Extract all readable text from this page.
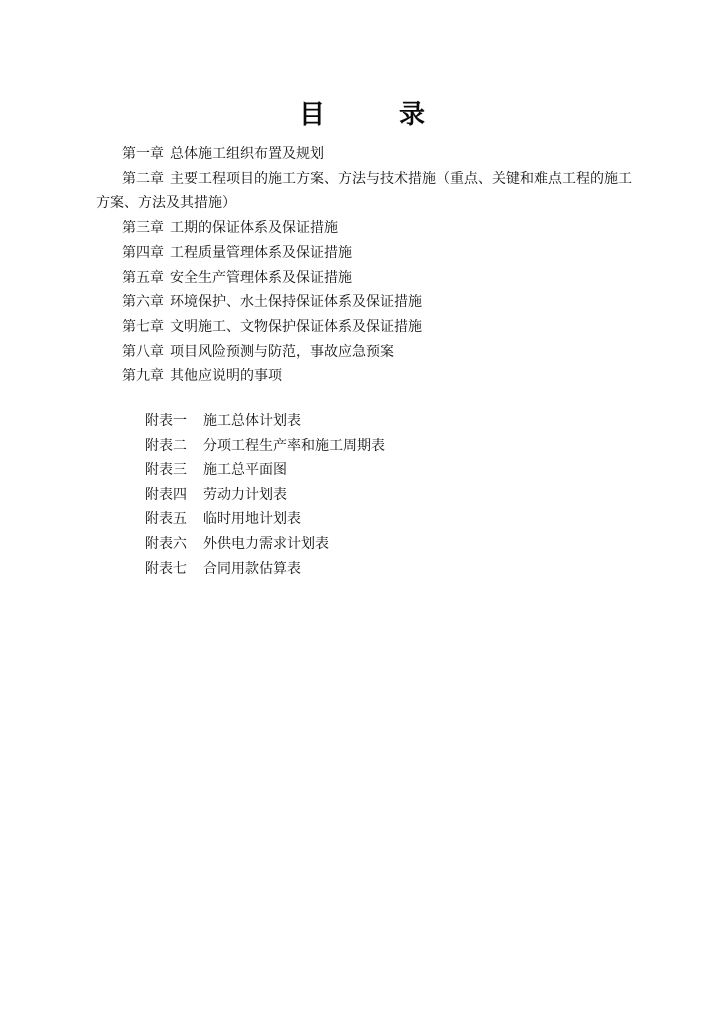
目	录
第一章 总体施工组织布置及规划
第二章 主要工程项目的施工方案、方法与技术措施（重点、关键和难点工程的施工方案、方法及其措施）
第三章 工期的保证体系及保证措施
第四章 工程质量管理体系及保证措施
第五章 安全生产管理体系及保证措施
第六章 环境保护、水土保持保证体系及保证措施
第七章 文明施工、文物保护保证体系及保证措施
第八章 项目风险预测与防范，事故应急预案
第九章 其他应说明的事项
附表一	施工总体计划表
附表二	分项工程生产率和施工周期表
附表三	施工总平面图
附表四	劳动力计划表
附表五	临时用地计划表
附表六	外供电力需求计划表
附表七	合同用款估算表
